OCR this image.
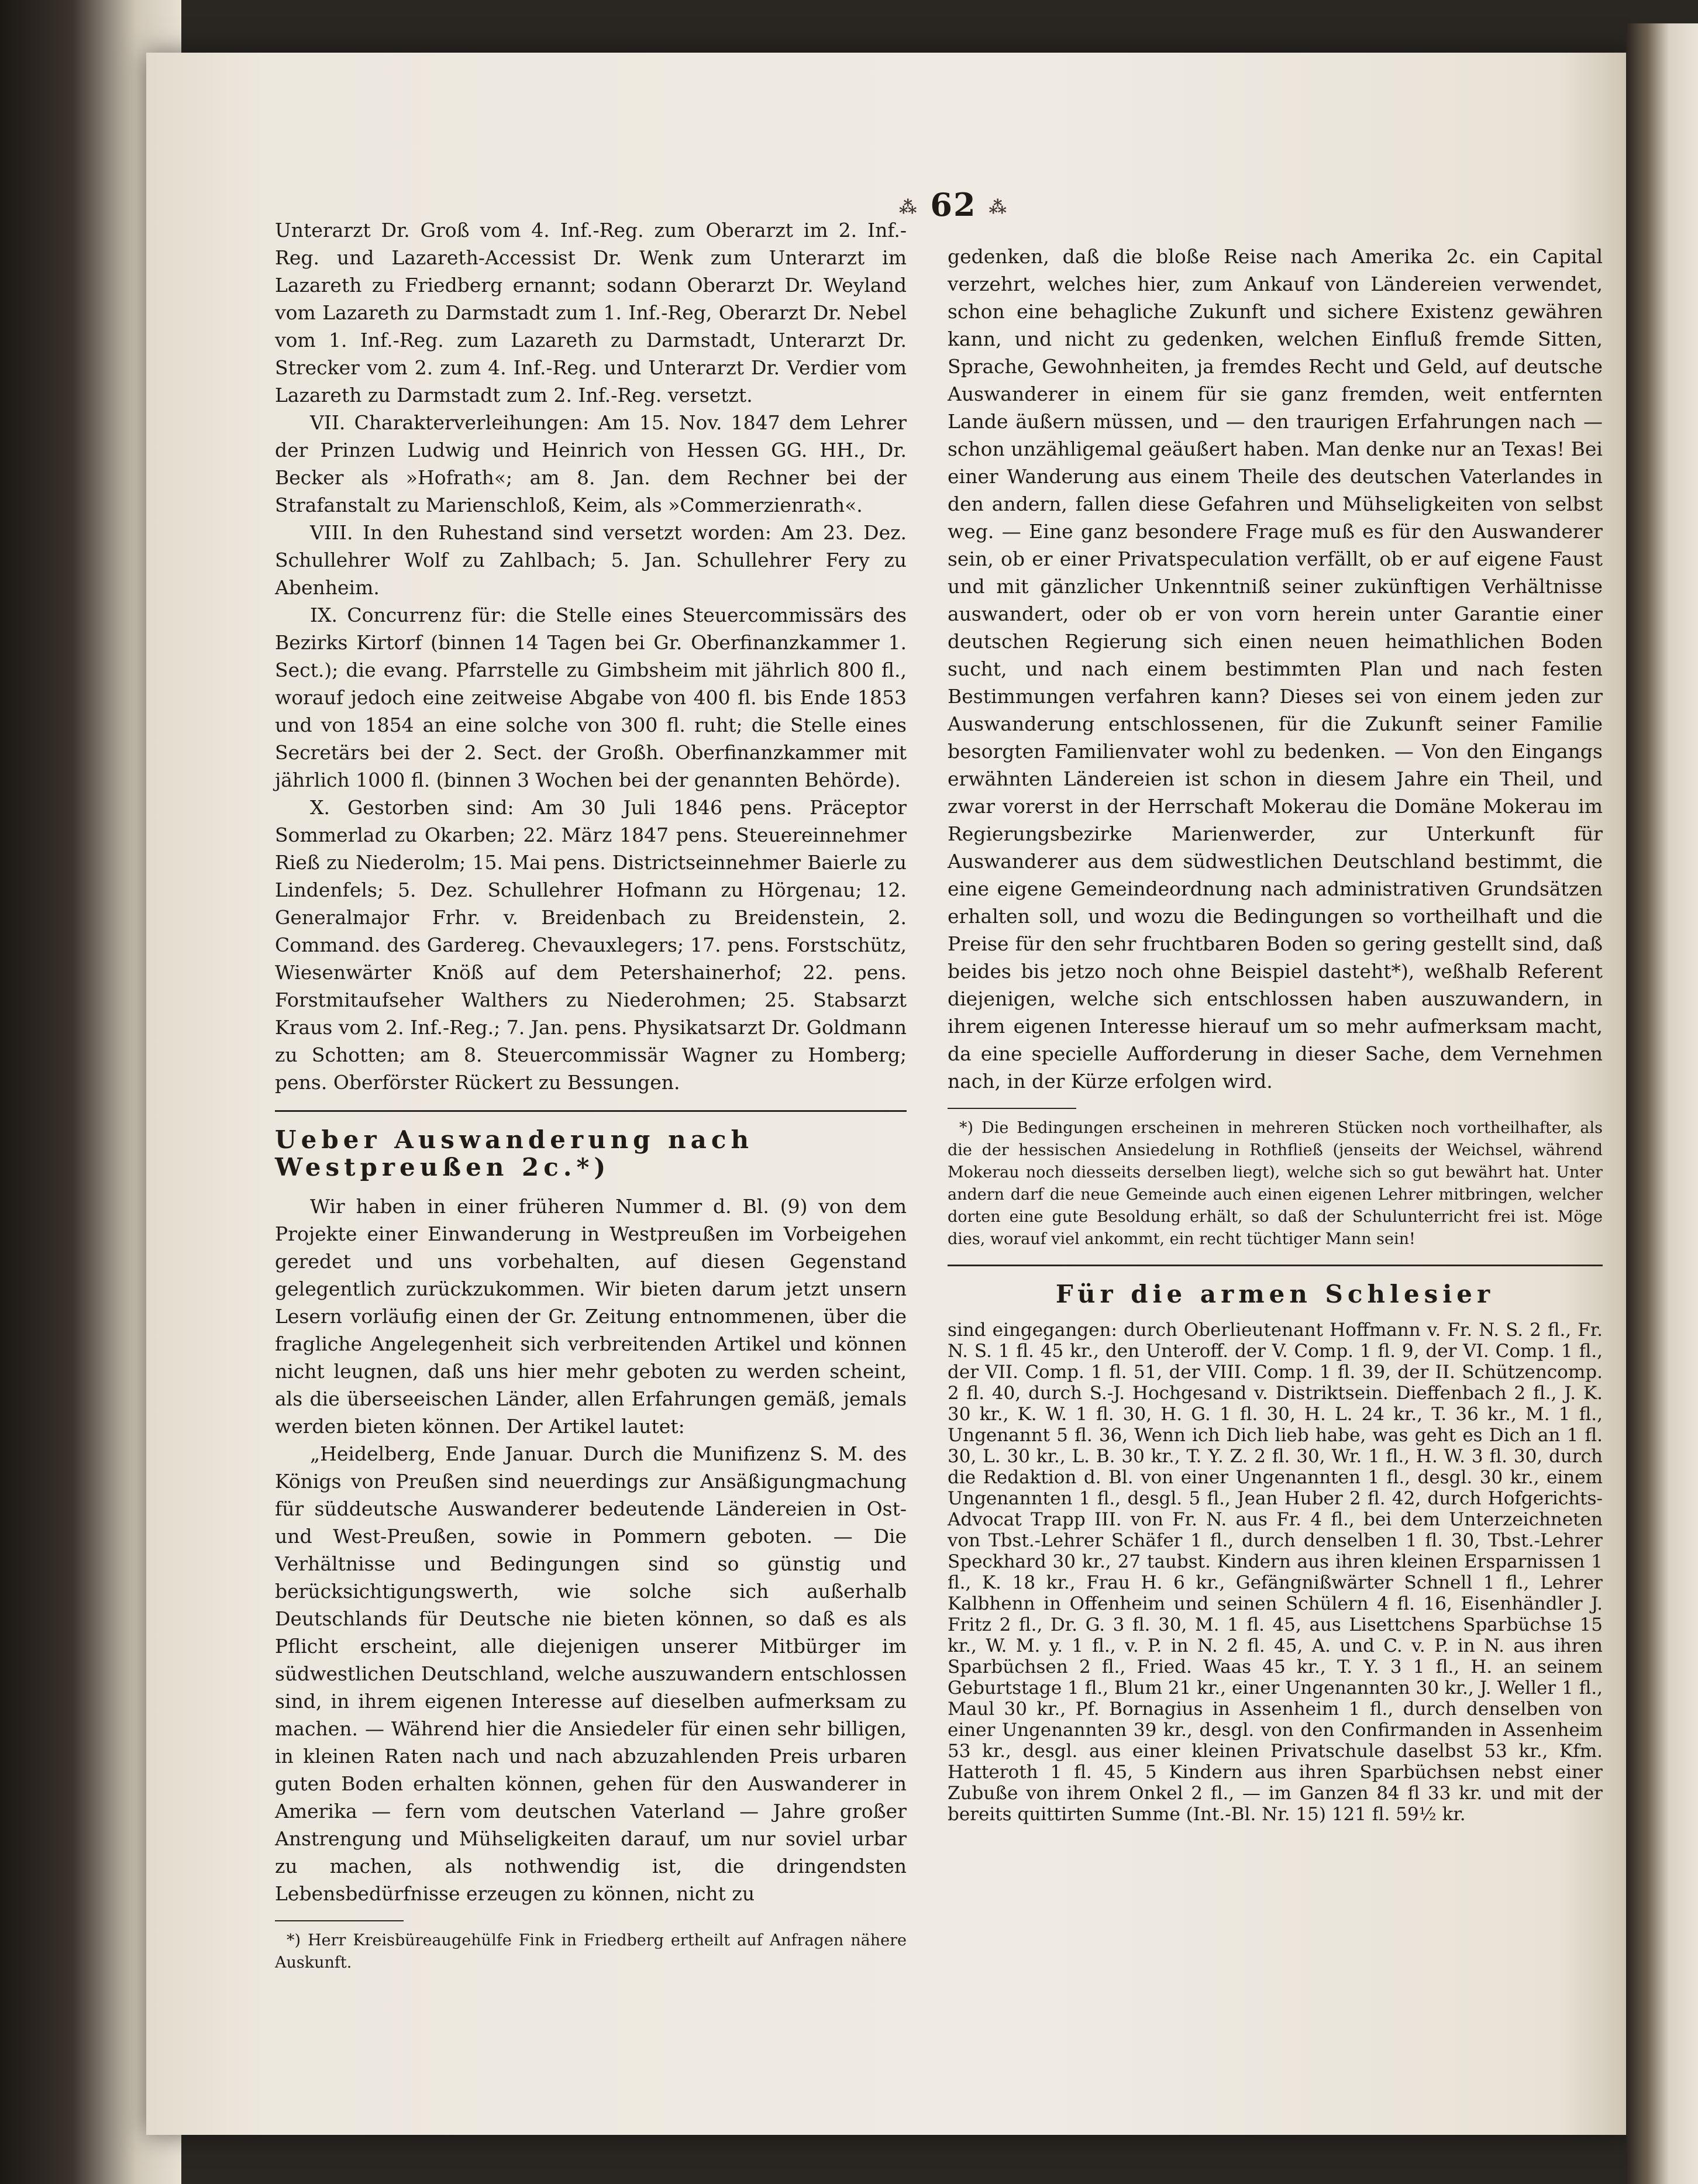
⁂ 62 ⁂

Unterarzt Dr. Groß vom 4. Inf.-Reg. zum Oberarzt im 2. Inf.-Reg. und Lazareth-Accessist Dr. Wenk zum Unterarzt im Lazareth zu Friedberg ernannt; sodann Oberarzt Dr. Weyland vom Lazareth zu Darmstadt zum 1. Inf.-Reg, Oberarzt Dr. Nebel vom 1. Inf.-Reg. zum Lazareth zu Darmstadt, Unterarzt Dr. Strecker vom 2. zum 4. Inf.-Reg. und Unterarzt Dr. Verdier vom Lazareth zu Darmstadt zum 2. Inf.-Reg. versetzt.

VII. Charakterverleihungen: Am 15. Nov. 1847 dem Lehrer der Prinzen Ludwig und Heinrich von Hessen GG. HH., Dr. Becker als »Hofrath«; am 8. Jan. dem Rechner bei der Strafanstalt zu Marienschloß, Keim, als »Commerzienrath«.

VIII. In den Ruhestand sind versetzt worden: Am 23. Dez. Schullehrer Wolf zu Zahlbach; 5. Jan. Schullehrer Fery zu Abenheim.

IX. Concurrenz für: die Stelle eines Steuercommissärs des Bezirks Kirtorf (binnen 14 Tagen bei Gr. Oberfinanzkammer 1. Sect.); die evang. Pfarrstelle zu Gimbsheim mit jährlich 800 fl., worauf jedoch eine zeitweise Abgabe von 400 fl. bis Ende 1853 und von 1854 an eine solche von 300 fl. ruht; die Stelle eines Secretärs bei der 2. Sect. der Großh. Oberfinanzkammer mit jährlich 1000 fl. (binnen 3 Wochen bei der genannten Behörde).

X. Gestorben sind: Am 30 Juli 1846 pens. Präceptor Sommerlad zu Okarben; 22. März 1847 pens. Steuereinnehmer Rieß zu Niederolm; 15. Mai pens. Districtseinnehmer Baierle zu Lindenfels; 5. Dez. Schullehrer Hofmann zu Hörgenau; 12. Generalmajor Frhr. v. Breidenbach zu Breidenstein, 2. Command. des Gardereg. Chevauxlegers; 17. pens. Forstschütz, Wiesenwärter Knöß auf dem Petershainerhof; 22. pens. Forstmitaufseher Walthers zu Niederohmen; 25. Stabsarzt Kraus vom 2. Inf.-Reg.; 7. Jan. pens. Physikatsarzt Dr. Goldmann zu Schotten; am 8. Steuercommissär Wagner zu Homberg; pens. Oberförster Rückert zu Bessungen.

Ueber Auswanderung nach Westpreußen 2c.*)

Wir haben in einer früheren Nummer d. Bl. (9) von dem Projekte einer Einwanderung in Westpreußen im Vorbeigehen geredet und uns vorbehalten, auf diesen Gegenstand gelegentlich zurückzukommen. Wir bieten darum jetzt unsern Lesern vorläufig einen der Gr. Zeitung entnommenen, über die fragliche Angelegenheit sich verbreitenden Artikel und können nicht leugnen, daß uns hier mehr geboten zu werden scheint, als die überseeischen Länder, allen Erfahrungen gemäß, jemals werden bieten können. Der Artikel lautet:

„Heidelberg, Ende Januar. Durch die Munifizenz S. M. des Königs von Preußen sind neuerdings zur Ansäßigungmachung für süddeutsche Auswanderer bedeutende Ländereien in Ost- und West-Preußen, sowie in Pommern geboten. — Die Verhältnisse und Bedingungen sind so günstig und berücksichtigungswerth, wie solche sich außerhalb Deutschlands für Deutsche nie bieten können, so daß es als Pflicht erscheint, alle diejenigen unserer Mitbürger im südwestlichen Deutschland, welche auszuwandern entschlossen sind, in ihrem eigenen Interesse auf dieselben aufmerksam zu machen. — Während hier die Ansiedeler für einen sehr billigen, in kleinen Raten nach und nach abzuzahlenden Preis urbaren guten Boden erhalten können, gehen für den Auswanderer in Amerika — fern vom deutschen Vaterland — Jahre großer Anstrengung und Mühseligkeiten darauf, um nur soviel urbar zu machen, als nothwendig ist, die dringendsten Lebensbedürfnisse erzeugen zu können, nicht zu

*) Herr Kreisbüreaugehülfe Fink in Friedberg ertheilt auf Anfragen nähere Auskunft.

gedenken, daß die bloße Reise nach Amerika 2c. ein Capital verzehrt, welches hier, zum Ankauf von Ländereien verwendet, schon eine behagliche Zukunft und sichere Existenz gewähren kann, und nicht zu gedenken, welchen Einfluß fremde Sitten, Sprache, Gewohnheiten, ja fremdes Recht und Geld, auf deutsche Auswanderer in einem für sie ganz fremden, weit entfernten Lande äußern müssen, und — den traurigen Erfahrungen nach — schon unzähligemal geäußert haben. Man denke nur an Texas! Bei einer Wanderung aus einem Theile des deutschen Vaterlandes in den andern, fallen diese Gefahren und Mühseligkeiten von selbst weg. — Eine ganz besondere Frage muß es für den Auswanderer sein, ob er einer Privatspeculation verfällt, ob er auf eigene Faust und mit gänzlicher Unkenntniß seiner zukünftigen Verhältnisse auswandert, oder ob er von vorn herein unter Garantie einer deutschen Regierung sich einen neuen heimathlichen Boden sucht, und nach einem bestimmten Plan und nach festen Bestimmungen verfahren kann? Dieses sei von einem jeden zur Auswanderung entschlossenen, für die Zukunft seiner Familie besorgten Familienvater wohl zu bedenken. — Von den Eingangs erwähnten Ländereien ist schon in diesem Jahre ein Theil, und zwar vorerst in der Herrschaft Mokerau die Domäne Mokerau im Regierungsbezirke Marienwerder, zur Unterkunft für Auswanderer aus dem südwestlichen Deutschland bestimmt, die eine eigene Gemeindeordnung nach administrativen Grundsätzen erhalten soll, und wozu die Bedingungen so vortheilhaft und die Preise für den sehr fruchtbaren Boden so gering gestellt sind, daß beides bis jetzo noch ohne Beispiel dasteht*), weßhalb Referent diejenigen, welche sich entschlossen haben auszuwandern, in ihrem eigenen Interesse hierauf um so mehr aufmerksam macht, da eine specielle Aufforderung in dieser Sache, dem Vernehmen nach, in der Kürze erfolgen wird.

*) Die Bedingungen erscheinen in mehreren Stücken noch vortheilhafter, als die der hessischen Ansiedelung in Rothfließ (jenseits der Weichsel, während Mokerau noch diesseits derselben liegt), welche sich so gut bewährt hat. Unter andern darf die neue Gemeinde auch einen eigenen Lehrer mitbringen, welcher dorten eine gute Besoldung erhält, so daß der Schulunterricht frei ist. Möge dies, worauf viel ankommt, ein recht tüchtiger Mann sein!

Für die armen Schlesier

sind eingegangen: durch Oberlieutenant Hoffmann v. Fr. N. S. 2 fl., Fr. N. S. 1 fl. 45 kr., den Unteroff. der V. Comp. 1 fl. 9, der VI. Comp. 1 fl., der VII. Comp. 1 fl. 51, der VIII. Comp. 1 fl. 39, der II. Schützencomp. 2 fl. 40, durch S.-J. Hochgesand v. Distriktsein. Dieffenbach 2 fl., J. K. 30 kr., K. W. 1 fl. 30, H. G. 1 fl. 30, H. L. 24 kr., T. 36 kr., M. 1 fl., Ungenannt 5 fl. 36, Wenn ich Dich lieb habe, was geht es Dich an 1 fl. 30, L. 30 kr., L. B. 30 kr., T. Y. Z. 2 fl. 30, Wr. 1 fl., H. W. 3 fl. 30, durch die Redaktion d. Bl. von einer Ungenannten 1 fl., desgl. 30 kr., einem Ungenannten 1 fl., desgl. 5 fl., Jean Huber 2 fl. 42, durch Hofgerichts-Advocat Trapp III. von Fr. N. aus Fr. 4 fl., bei dem Unterzeichneten von Tbst.-Lehrer Schäfer 1 fl., durch denselben 1 fl. 30, Tbst.-Lehrer Speckhard 30 kr., 27 taubst. Kindern aus ihren kleinen Ersparnissen 1 fl., K. 18 kr., Frau H. 6 kr., Gefängnißwärter Schnell 1 fl., Lehrer Kalbhenn in Offenheim und seinen Schülern 4 fl. 16, Eisenhändler J. Fritz 2 fl., Dr. G. 3 fl. 30, M. 1 fl. 45, aus Lisettchens Sparbüchse 15 kr., W. M. y. 1 fl., v. P. in N. 2 fl. 45, A. und C. v. P. in N. aus ihren Sparbüchsen 2 fl., Fried. Waas 45 kr., T. Y. 3 1 fl., H. an seinem Geburtstage 1 fl., Blum 21 kr., einer Ungenannten 30 kr., J. Weller 1 fl., Maul 30 kr., Pf. Bornagius in Assenheim 1 fl., durch denselben von einer Ungenannten 39 kr., desgl. von den Confirmanden in Assenheim 53 kr., desgl. aus einer kleinen Privatschule daselbst 53 kr., Kfm. Hatteroth 1 fl. 45, 5 Kindern aus ihren Sparbüchsen nebst einer Zubuße von ihrem Onkel 2 fl., — im Ganzen 84 fl 33 kr. und mit der bereits quittirten Summe (Int.-Bl. Nr. 15) 121 fl. 59½ kr.
